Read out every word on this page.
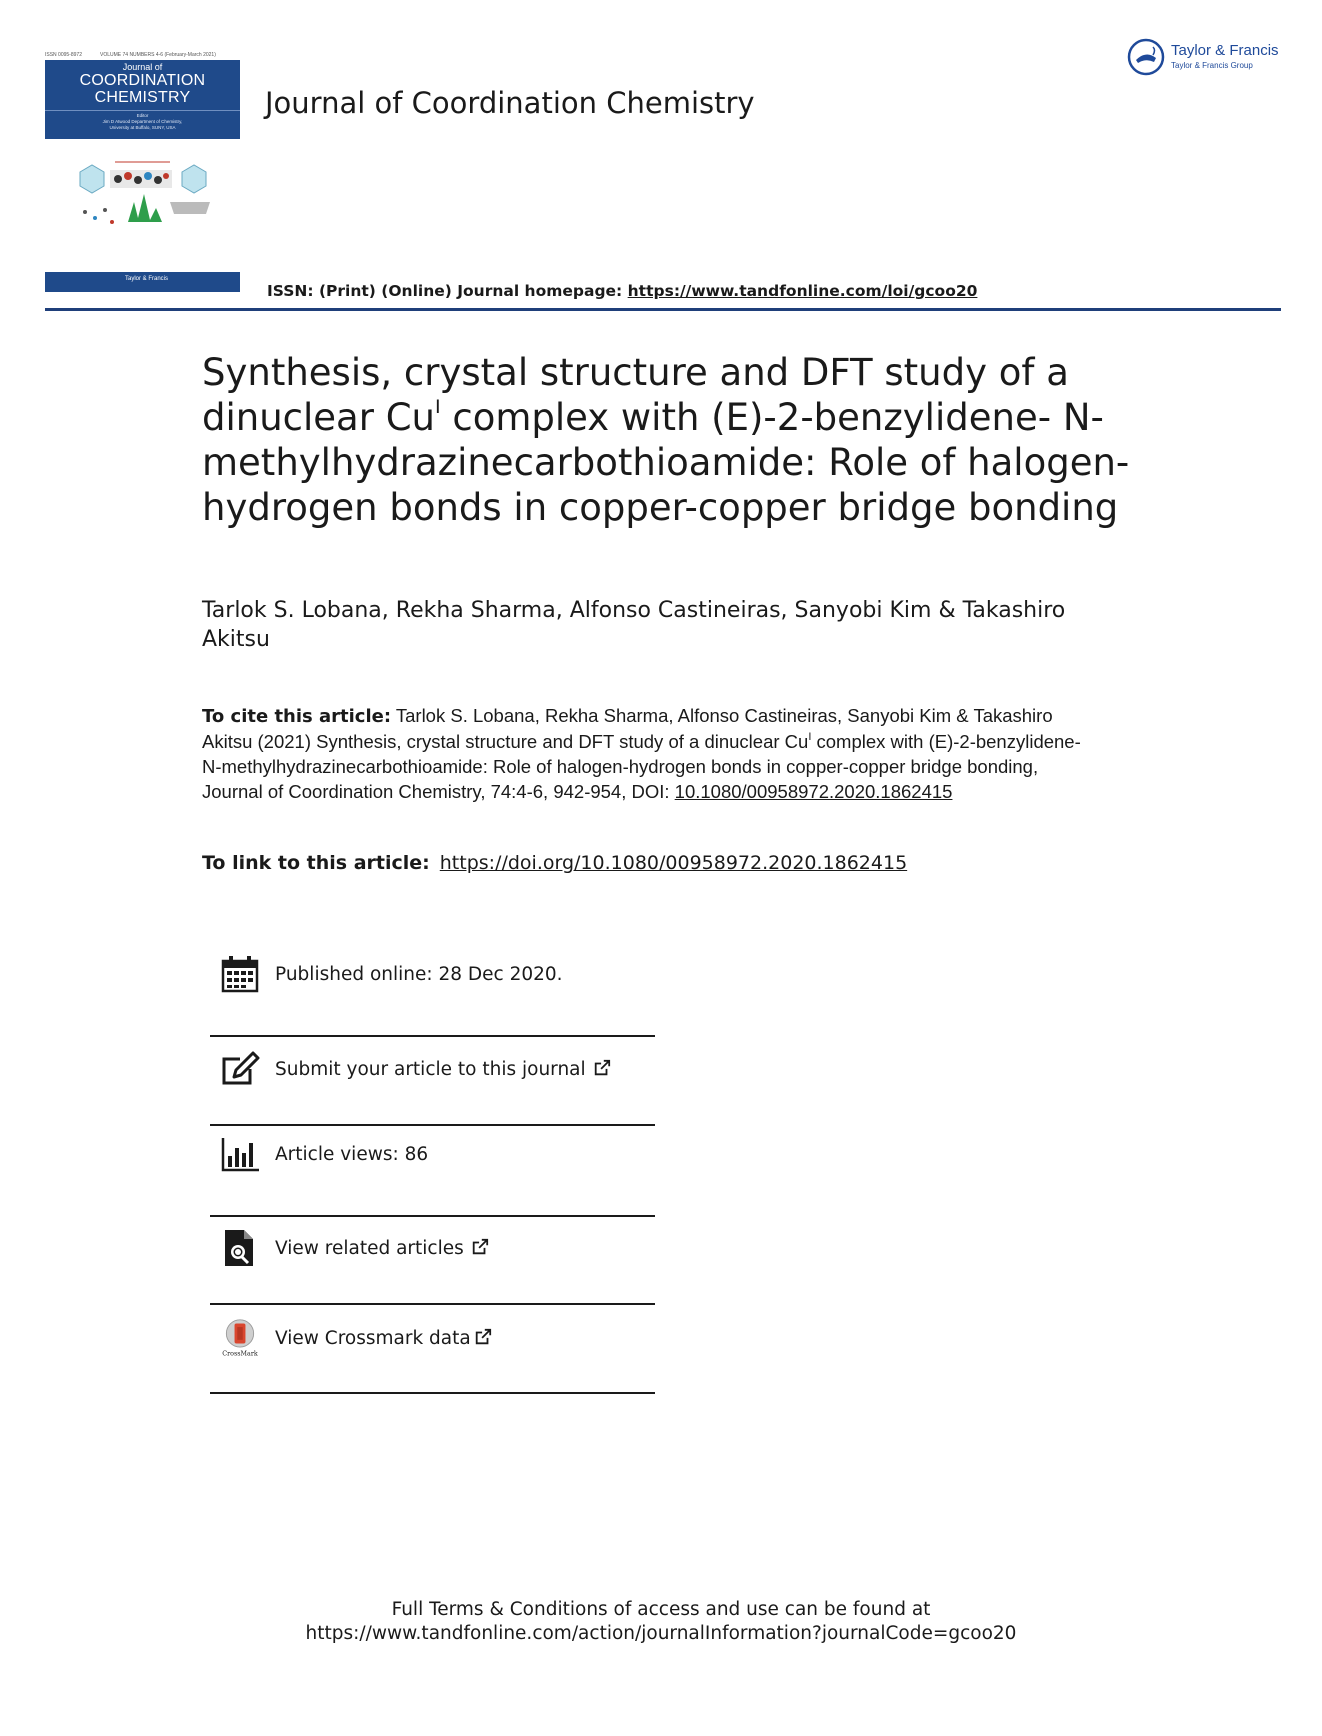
ISSN 0095-8972	VOLUME 74 NUMBERS 4-6 (February-March 2021)
Journal of
COORDINATION
CHEMISTRY
Editor
Jim D Atwood Department of Chemistry,
University at Buffalo, SUNY, USA
Taylor & Francis
Journal of Coordination Chemistry
ISSN: (Print) (Online) Journal homepage: https://www.tandfonline.com/loi/gcoo20
Taylor & Francis
Taylor & Francis Group
Synthesis, crystal structure and DFT study of a dinuclear $Cu^I$ complex with (E)-2-benzylidene- N-methylhydrazinecarbothioamide: Role of halogen-hydrogen bonds in copper-copper bridge bonding
Tarlok S. Lobana, Rekha Sharma, Alfonso Castineiras, Sanyobi Kim & Takashiro Akitsu
To cite this article: Tarlok S. Lobana, Rekha Sharma, Alfonso Castineiras, Sanyobi Kim & Takashiro Akitsu (2021) Synthesis, crystal structure and DFT study of a dinuclear $Cu^I$ complex with (E)-2-benzylidene- N-methylhydrazinecarbothioamide: Role of halogen-hydrogen bonds in copper-copper bridge bonding, Journal of Coordination Chemistry, 74:4-6, 942-954, DOI: 10.1080/00958972.2020.1862415
To link to this article: https://doi.org/10.1080/00958972.2020.1862415
Published online: 28 Dec 2020.
Submit your article to this journal
Article views: 86
View related articles
CrossMark
View Crossmark data
Full Terms & Conditions of access and use can be found at
https://www.tandfonline.com/action/journalInformation?journalCode=gcoo20
